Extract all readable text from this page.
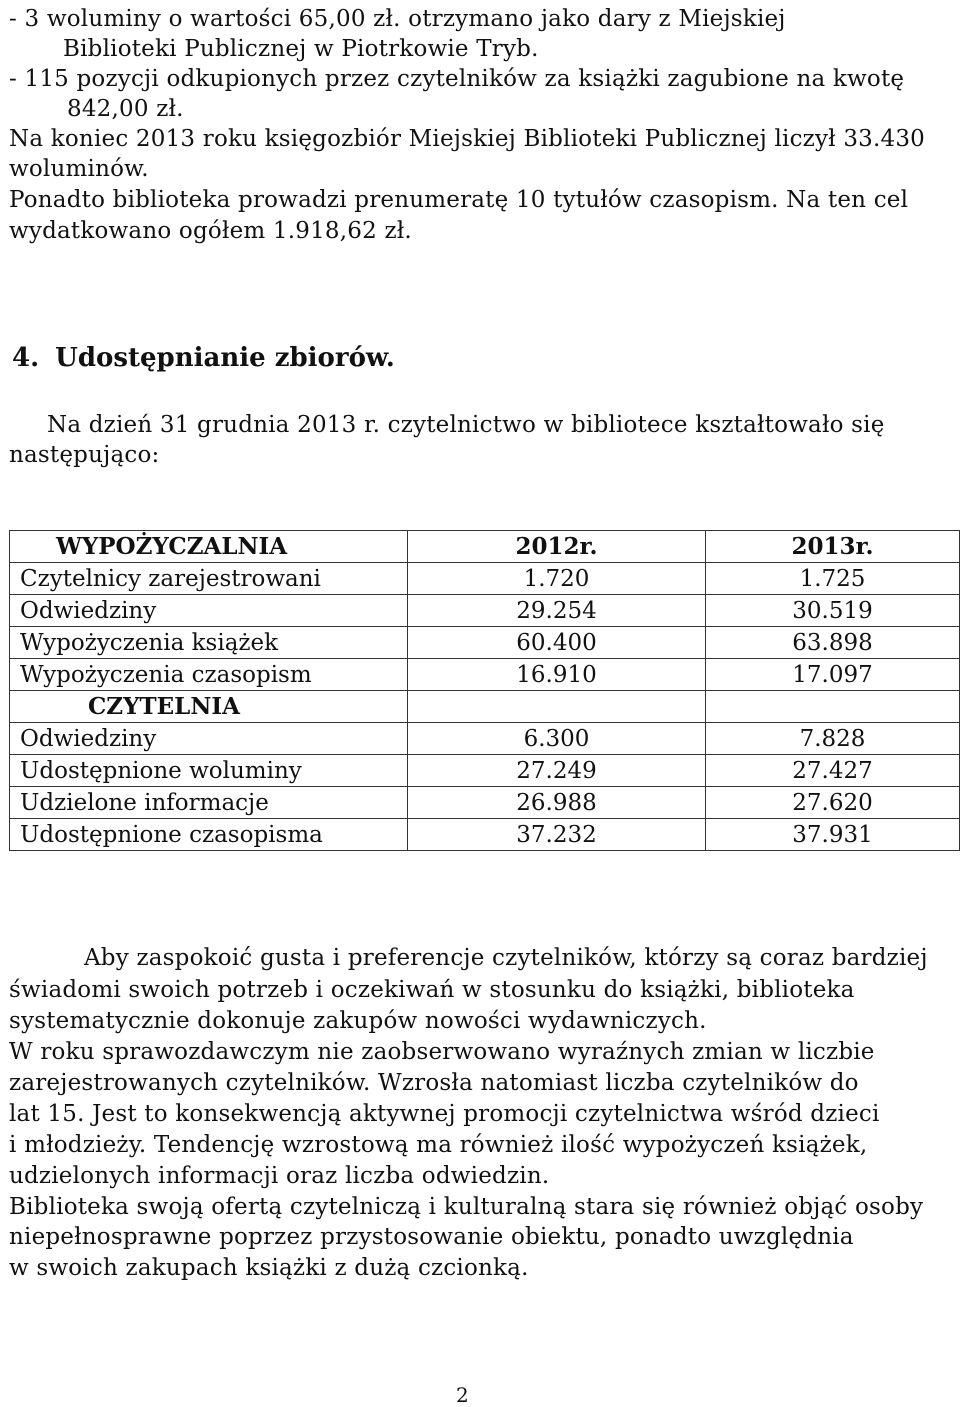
- 3 woluminy o wartości 65,00 zł. otrzymano jako dary z Miejskiej
Biblioteki Publicznej w Piotrkowie Tryb.
- 115 pozycji odkupionych przez czytelników za książki zagubione na kwotę
842,00 zł.
Na koniec 2013 roku księgozbiór Miejskiej Biblioteki Publicznej liczył 33.430
woluminów.
Ponadto biblioteka prowadzi prenumeratę 10 tytułów czasopism. Na ten cel
wydatkowano ogółem 1.918,62 zł.
4. Udostępnianie zbiorów.
Na dzień 31 grudnia 2013 r. czytelnictwo w bibliotece kształtowało się
następująco:
WYPOŻYCZALNIA	2012r.	2013r.
Czytelnicy zarejestrowani	1.720	1.725
Odwiedziny	29.254	30.519
Wypożyczenia książek	60.400	63.898
Wypożyczenia czasopism	16.910	17.097
CZYTELNIA		
Odwiedziny	6.300	7.828
Udostępnione woluminy	27.249	27.427
Udzielone informacje	26.988	27.620
Udostępnione czasopisma	37.232	37.931
Aby zaspokoić gusta i preferencje czytelników, którzy są coraz bardziej
świadomi swoich potrzeb i oczekiwań w stosunku do książki, biblioteka
systematycznie dokonuje zakupów nowości wydawniczych.
W roku sprawozdawczym nie zaobserwowano wyraźnych zmian w liczbie
zarejestrowanych czytelników. Wzrosła natomiast liczba czytelników do
lat 15. Jest to konsekwencją aktywnej promocji czytelnictwa wśród dzieci
i młodzieży. Tendencję wzrostową ma również ilość wypożyczeń książek,
udzielonych informacji oraz liczba odwiedzin.
Biblioteka swoją ofertą czytelniczą i kulturalną stara się również objąć osoby
niepełnosprawne poprzez przystosowanie obiektu, ponadto uwzględnia
w swoich zakupach książki z dużą czcionką.
2
